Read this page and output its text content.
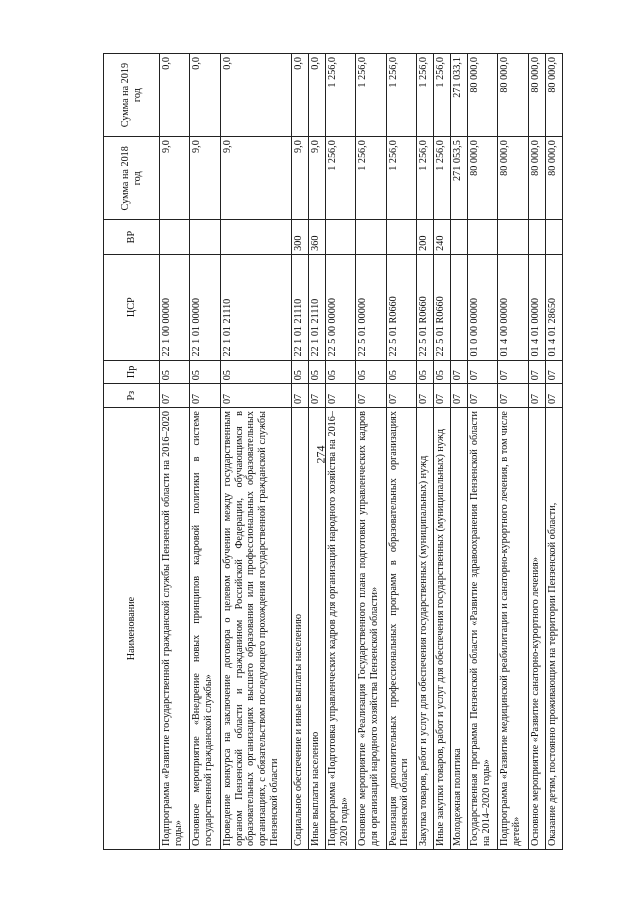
274
Наименование	Рз	Пр	ЦСР	ВР	Сумма на 2018 год	Сумма на 2019 год
Подпрограмма «Развитие государственной гражданской службы Пензенской области на 2016–2020 годы»	07	05	22 1 00 00000		9,0	0,0
Основное мероприятие «Внедрение новых принципов кадровой политики в системе государственной гражданской службы»	07	05	22 1 01 00000		9,0	0,0
Проведение конкурса на заключение договора о целевом обучении между государственным органом Пензенской области и гражданином Российской Федерации, обучающимся в образовательных организациях высшего образования или профессиональных образовательных организациях, с обязательством последующего прохождения государственной гражданской службы Пензенской области	07	05	22 1 01 21110		9,0	0,0
Социальное обеспечение и иные выплаты населению	07	05	22 1 01 21110	300	9,0	0,0
Иные выплаты населению	07	05	22 1 01 21110	360	9,0	0,0
Подпрограмма «Подготовка управленческих кадров для организаций народного хозяйства на 2016–2020 годы»	07	05	22 5 00 00000		1 256,0	1 256,0
Основное мероприятие «Реализация Государственного плана подготовки управленческих кадров для организаций народного хозяйства Пензенской области»	07	05	22 5 01 00000		1 256,0	1 256,0
Реализация дополнительных профессиональных программ в образовательных организациях Пензенской области	07	05	22 5 01 R0660		1 256,0	1 256,0
Закупка товаров, работ и услуг для обеспечения государственных (муниципальных) нужд	07	05	22 5 01 R0660	200	1 256,0	1 256,0
Иные закупки товаров, работ и услуг для обеспечения государственных (муниципальных) нужд	07	05	22 5 01 R0660	240	1 256,0	1 256,0
Молодежная политика	07	07			271 053,5	271 033,1
Государственная программа Пензенской области «Развитие здравоохранения Пензенской области на 2014–2020 годы»	07	07	01 0 00 00000		80 000,0	80 000,0
Подпрограмма «Развитие медицинской реабилитации и санаторно-курортного лечения, в том числе детей»	07	07	01 4 00 00000		80 000,0	80 000,0
Основное мероприятие «Развитие санаторно-курортного лечения»	07	07	01 4 01 00000		80 000,0	80 000,0
Оказание детям, постоянно проживающим на территории Пензенской области,	07	07	01 4 01 28650		80 000,0	80 000,0
